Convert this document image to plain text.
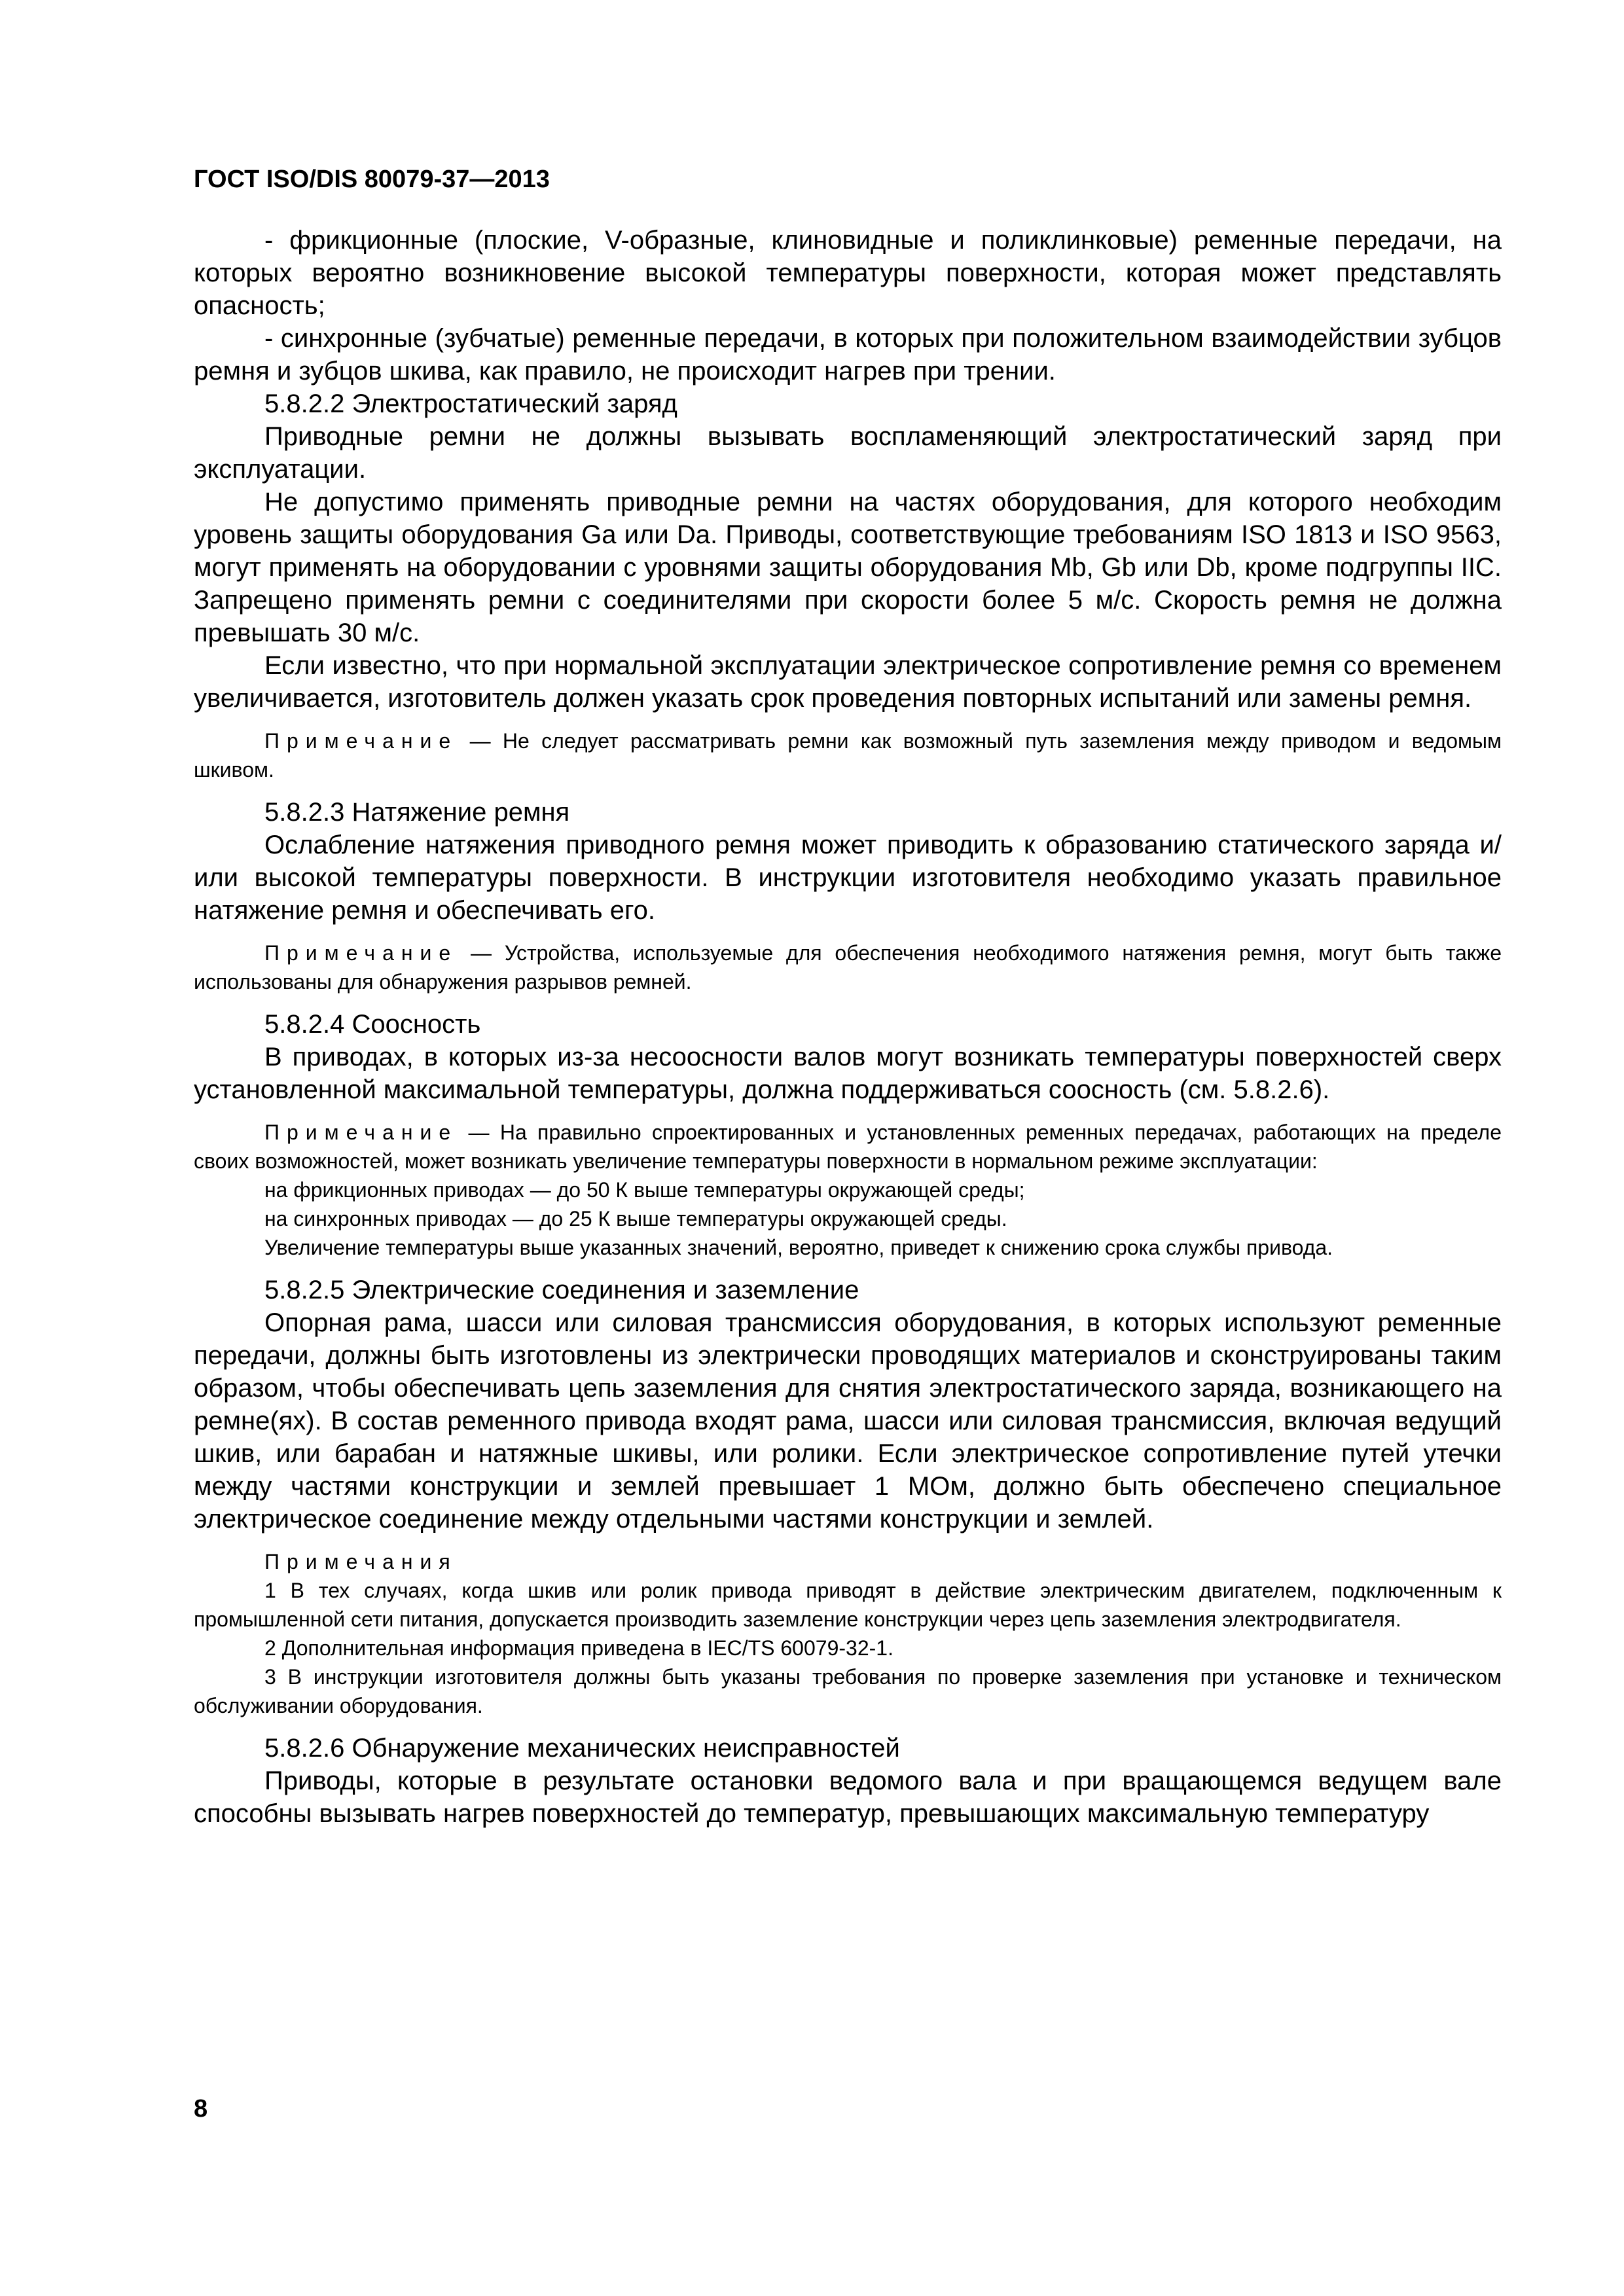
ГОСТ ISO/DIS 80079-37—2013

- фрикционные (плоские, V-образные, клиновидные и поликлинковые) ременные передачи, на которых вероятно возникновение высокой температуры поверхности, которая может представлять опасность;

- синхронные (зубчатые) ременные передачи, в которых при положительном взаимодействии зубцов ремня и зубцов шкива, как правило, не происходит нагрев при трении.

5.8.2.2 Электростатический заряд

Приводные ремни не должны вызывать воспламеняющий электростатический заряд при эксплуатации.

Не допустимо применять приводные ремни на частях оборудования, для которого необходим уровень защиты оборудования Ga или Da. Приводы, соответствующие требованиям ISO 1813 и ISO 9563, могут применять на оборудовании с уровнями защиты оборудования Mb, Gb или Db, кроме подгруппы IIC. Запрещено применять ремни с соединителями при скорости более 5 м/с. Скорость ремня не должна превышать 30 м/с.

Если известно, что при нормальной эксплуатации электрическое сопротивление ремня со временем увеличивается, изготовитель должен указать срок проведения повторных испытаний или замены ремня.

Примечание — Не следует рассматривать ремни как возможный путь заземления между приводом и ведомым шкивом.

5.8.2.3 Натяжение ремня

Ослабление натяжения приводного ремня может приводить к образованию статического заряда и/или высокой температуры поверхности. В инструкции изготовителя необходимо указать правильное натяжение ремня и обеспечивать его.

Примечание — Устройства, используемые для обеспечения необходимого натяжения ремня, могут быть также использованы для обнаружения разрывов ремней.

5.8.2.4 Соосность

В приводах, в которых из-за несоосности валов могут возникать температуры поверхностей сверх установленной максимальной температуры, должна поддерживаться соосность (см. 5.8.2.6).

Примечание — На правильно спроектированных и установленных ременных передачах, работающих на пределе своих возможностей, может возникать увеличение температуры поверхности в нормальном режиме эксплуатации:

на фрикционных приводах — до 50 К выше температуры окружающей среды;

на синхронных приводах — до 25 К выше температуры окружающей среды.

Увеличение температуры выше указанных значений, вероятно, приведет к снижению срока службы привода.

5.8.2.5 Электрические соединения и заземление

Опорная рама, шасси или силовая трансмиссия оборудования, в которых используют ременные передачи, должны быть изготовлены из электрически проводящих материалов и сконструированы таким образом, чтобы обеспечивать цепь заземления для снятия электростатического заряда, возникающего на ремне(ях). В состав ременного привода входят рама, шасси или силовая трансмиссия, включая ведущий шкив, или барабан и натяжные шкивы, или ролики. Если электрическое сопротивление путей утечки между частями конструкции и землей превышает 1 МОм, должно быть обеспечено специальное электрическое соединение между отдельными частями конструкции и землей.

Примечания

1 В тех случаях, когда шкив или ролик привода приводят в действие электрическим двигателем, подключенным к промышленной сети питания, допускается производить заземление конструкции через цепь заземления электродвигателя.

2 Дополнительная информация приведена в IEC/TS 60079-32-1.

3 В инструкции изготовителя должны быть указаны требования по проверке заземления при установке и техническом обслуживании оборудования.

5.8.2.6 Обнаружение механических неисправностей

Приводы, которые в результате остановки ведомого вала и при вращающемся ведущем вале способны вызывать нагрев поверхностей до температур, превышающих максимальную температуру

8
